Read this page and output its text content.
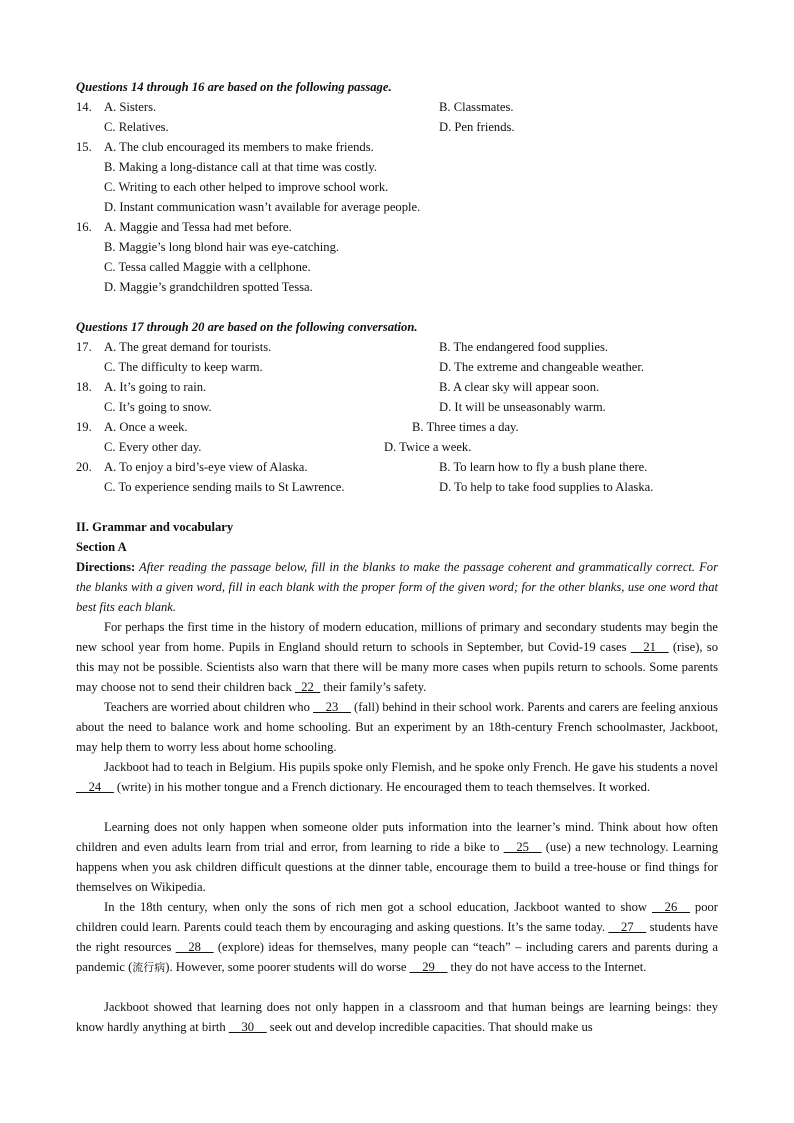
Questions 14 through 16 are based on the following passage.
14. A. Sisters.	B. Classmates.
C. Relatives.	D. Pen friends.
15. A. The club encouraged its members to make friends.
B. Making a long-distance call at that time was costly.
C. Writing to each other helped to improve school work.
D. Instant communication wasn’t available for average people.
16. A. Maggie and Tessa had met before.
B. Maggie’s long blond hair was eye-catching.
C. Tessa called Maggie with a cellphone.
D. Maggie’s grandchildren spotted Tessa.
Questions 17 through 20 are based on the following conversation.
17. A. The great demand for tourists.	B. The endangered food supplies.
C. The difficulty to keep warm.	D. The extreme and changeable weather.
18. A. It’s going to rain.	B. A clear sky will appear soon.
C. It’s going to snow.	D. It will be unseasonably warm.
19. A. Once a week.	B. Three times a day.
C. Every other day.	D. Twice a week.
20. A. To enjoy a bird’s-eye view of Alaska.	B. To learn how to fly a bush plane there.
C. To experience sending mails to St Lawrence.	D. To help to take food supplies to Alaska.
II. Grammar and vocabulary
Section A
Directions: After reading the passage below, fill in the blanks to make the passage coherent and grammatically correct. For the blanks with a given word, fill in each blank with the proper form of the given word; for the other blanks, use one word that best fits each blank.
For perhaps the first time in the history of modern education, millions of primary and secondary students may begin the new school year from home. Pupils in England should return to schools in September, but Covid-19 cases __21__ (rise), so this may not be possible. Scientists also warn that there will be many more cases when pupils return to schools. Some parents may choose not to send their children back _22_ their family’s safety.
Teachers are worried about children who __23__ (fall) behind in their school work. Parents and carers are feeling anxious about the need to balance work and home schooling. But an experiment by an 18th-century French schoolmaster, Jackboot, may help them to worry less about home schooling.
Jackboot had to teach in Belgium. His pupils spoke only Flemish, and he spoke only French. He gave his students a novel __24__ (write) in his mother tongue and a French dictionary. He encouraged them to teach themselves. It worked.
Learning does not only happen when someone older puts information into the learner’s mind. Think about how often children and even adults learn from trial and error, from learning to ride a bike to __25__ (use) a new technology. Learning happens when you ask children difficult questions at the dinner table, encourage them to build a tree-house or find things for themselves on Wikipedia.
In the 18th century, when only the sons of rich men got a school education, Jackboot wanted to show __26__ poor children could learn. Parents could teach them by encouraging and asking questions. It’s the same today. __27__ students have the right resources __28__ (explore) ideas for themselves, many people can “teach” – including carers and parents during a pandemic (流行病). However, some poorer students will do worse __29__ they do not have access to the Internet.
Jackboot showed that learning does not only happen in a classroom and that human beings are learning beings: they know hardly anything at birth __30__ seek out and develop incredible capacities. That should make us
